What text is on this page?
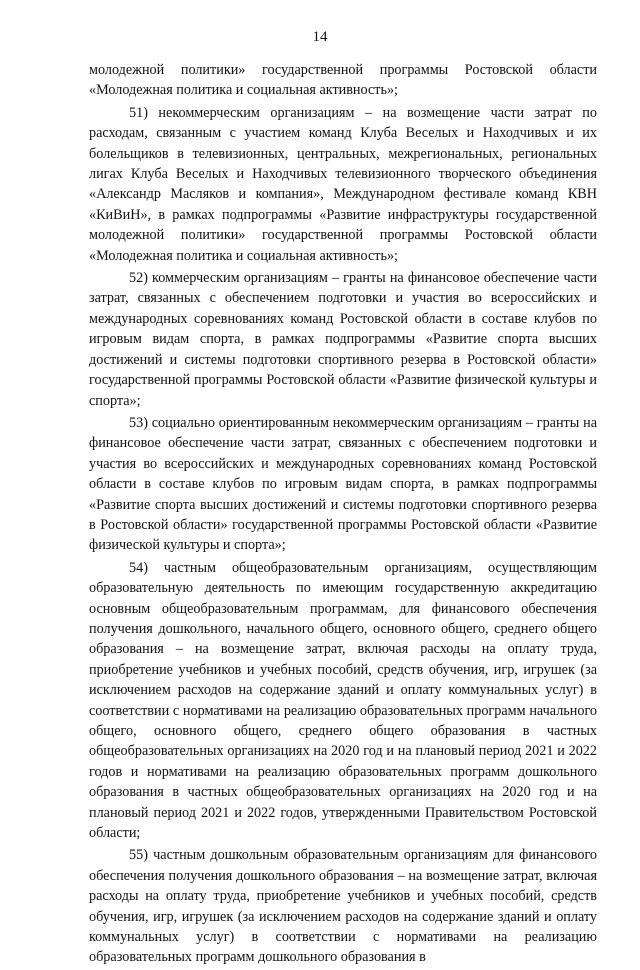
14

молодежной политики» государственной программы Ростовской области «Молодежная политика и социальная активность»;

51) некоммерческим организациям – на возмещение части затрат по расходам, связанным с участием команд Клуба Веселых и Находчивых и их болельщиков в телевизионных, центральных, межрегиональных, региональных лигах Клуба Веселых и Находчивых телевизионного творческого объединения «Александр Масляков и компания», Международном фестивале команд КВН «КиВиН», в рамках подпрограммы «Развитие инфраструктуры государственной молодежной политики» государственной программы Ростовской области «Молодежная политика и социальная активность»;

52) коммерческим организациям – гранты на финансовое обеспечение части затрат, связанных с обеспечением подготовки и участия во всероссийских и международных соревнованиях команд Ростовской области в составе клубов по игровым видам спорта, в рамках подпрограммы «Развитие спорта высших достижений и системы подготовки спортивного резерва в Ростовской области» государственной программы Ростовской области «Развитие физической культуры и спорта»;

53) социально ориентированным некоммерческим организациям – гранты на финансовое обеспечение части затрат, связанных с обеспечением подготовки и участия во всероссийских и международных соревнованиях команд Ростовской области в составе клубов по игровым видам спорта, в рамках подпрограммы «Развитие спорта высших достижений и системы подготовки спортивного резерва в Ростовской области» государственной программы Ростовской области «Развитие физической культуры и спорта»;

54) частным общеобразовательным организациям, осуществляющим образовательную деятельность по имеющим государственную аккредитацию основным общеобразовательным программам, для финансового обеспечения получения дошкольного, начального общего, основного общего, среднего общего образования – на возмещение затрат, включая расходы на оплату труда, приобретение учебников и учебных пособий, средств обучения, игр, игрушек (за исключением расходов на содержание зданий и оплату коммунальных услуг) в соответствии с нормативами на реализацию образовательных программ начального общего, основного общего, среднего общего образования в частных общеобразовательных организациях на 2020 год и на плановый период 2021 и 2022 годов и нормативами на реализацию образовательных программ дошкольного образования в частных общеобразовательных организациях на 2020 год и на плановый период 2021 и 2022 годов, утвержденными Правительством Ростовской области;

55) частным дошкольным образовательным организациям для финансового обеспечения получения дошкольного образования – на возмещение затрат, включая расходы на оплату труда, приобретение учебников и учебных пособий, средств обучения, игр, игрушек (за исключением расходов на содержание зданий и оплату коммунальных услуг) в соответствии с нормативами на реализацию образовательных программ дошкольного образования в
